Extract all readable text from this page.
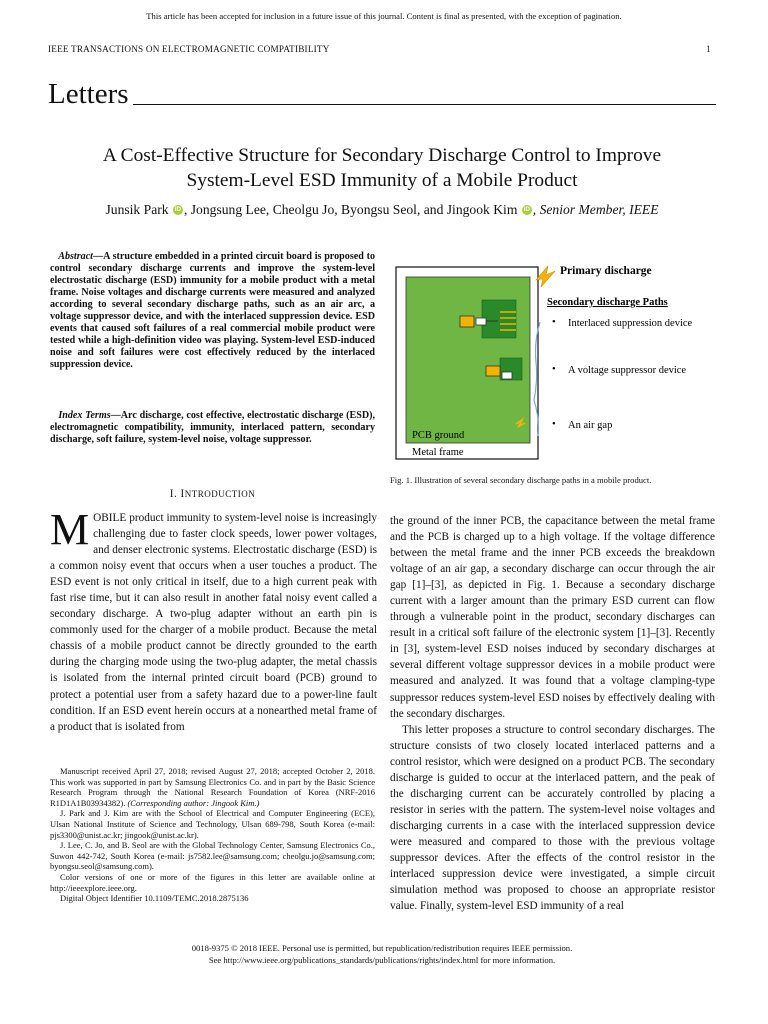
This article has been accepted for inclusion in a future issue of this journal. Content is final as presented, with the exception of pagination.
IEEE TRANSACTIONS ON ELECTROMAGNETIC COMPATIBILITY	1
Letters
A Cost-Effective Structure for Secondary Discharge Control to Improve
System-Level ESD Immunity of a Mobile Product
Junsik Park iD , Jongsung Lee, Cheolgu Jo, Byongsu Seol, and Jingook Kim iD , Senior Member, IEEE
Abstract—A structure embedded in a printed circuit board is proposed to control secondary discharge currents and improve the system-level electrostatic discharge (ESD) immunity for a mobile product with a metal frame. Noise voltages and discharge currents were measured and analyzed according to several secondary discharge paths, such as an air arc, a voltage suppressor device, and with the interlaced suppression device. ESD events that caused soft failures of a real commercial mobile product were tested while a high-definition video was playing. System-level ESD-induced noise and soft failures were cost effectively reduced by the interlaced suppression device.
Index Terms—Arc discharge, cost effective, electrostatic discharge (ESD), electromagnetic compatibility, immunity, interlaced pattern, secondary discharge, soft failure, system-level noise, voltage suppressor.
I. INTRODUCTION
MOBILE product immunity to system-level noise is increasingly challenging due to faster clock speeds, lower power voltages, and denser electronic systems. Electrostatic discharge (ESD) is a common noisy event that occurs when a user touches a product. The ESD event is not only critical in itself, due to a high current peak with fast rise time, but it can also result in another fatal noisy event called a secondary discharge. A two-plug adapter without an earth pin is commonly used for the charger of a mobile product. Because the metal chassis of a mobile product cannot be directly grounded to the earth during the charging mode using the two-plug adapter, the metal chassis is isolated from the internal printed circuit board (PCB) ground to protect a potential user from a safety hazard due to a power-line fault condition. If an ESD event herein occurs at a nonearthed metal frame of a product that is isolated from

Manuscript received April 27, 2018; revised August 27, 2018; accepted October 2, 2018. This work was supported in part by Samsung Electronics Co. and in part by the Basic Science Research Program through the National Research Foundation of Korea (NRF-2016 R1D1A1B03934382). (Corresponding author: Jingook Kim.)

J. Park and J. Kim are with the School of Electrical and Computer Engineering (ECE), Ulsan National Institute of Science and Technology, Ulsan 689-798, South Korea (e-mail: pjs3300@unist.ac.kr; jingook@unist.ac.kr).

J. Lee, C. Jo, and B. Seol are with the Global Technology Center, Samsung Electronics Co., Suwon 442-742, South Korea (e-mail: js7582.lee@samsung.com; cheolgu.jo@samsung.com; byongsu.seol@samsung.com).

Color versions of one or more of the figures in this letter are available online at http://ieeexplore.ieee.org.

Digital Object Identifier 10.1109/TEMC.2018.2875136

Primary discharge
Secondary discharge Paths
• Interlaced suppression device
• A voltage suppressor device
• An air gap
PCB ground
Metal frame
Fig. 1. Illustration of several secondary discharge paths in a mobile product.
the ground of the inner PCB, the capacitance between the metal frame and the PCB is charged up to a high voltage. If the voltage difference between the metal frame and the inner PCB exceeds the breakdown voltage of an air gap, a secondary discharge can occur through the air gap [1]–[3], as depicted in Fig. 1. Because a secondary discharge current with a larger amount than the primary ESD current can flow through a vulnerable point in the product, secondary discharges can result in a critical soft failure of the electronic system [1]–[3]. Recently in [3], system-level ESD noises induced by secondary discharges at several different voltage suppressor devices in a mobile product were measured and analyzed. It was found that a voltage clamping-type suppressor reduces system-level ESD noises by effectively dealing with the secondary discharges.
This letter proposes a structure to control secondary discharges. The structure consists of two closely located interlaced patterns and a control resistor, which were designed on a product PCB. The secondary discharge is guided to occur at the interlaced pattern, and the peak of the discharging current can be accurately controlled by placing a resistor in series with the pattern. The system-level noise voltages and discharging currents in a case with the interlaced suppression device were measured and compared to those with the previous voltage suppressor devices. After the effects of the control resistor in the interlaced suppression device were investigated, a simple circuit simulation method was proposed to choose an appropriate resistor value. Finally, system-level ESD immunity of a real
0018-9375 © 2018 IEEE. Personal use is permitted, but republication/redistribution requires IEEE permission.
See http://www.ieee.org/publications_standards/publications/rights/index.html for more information.
